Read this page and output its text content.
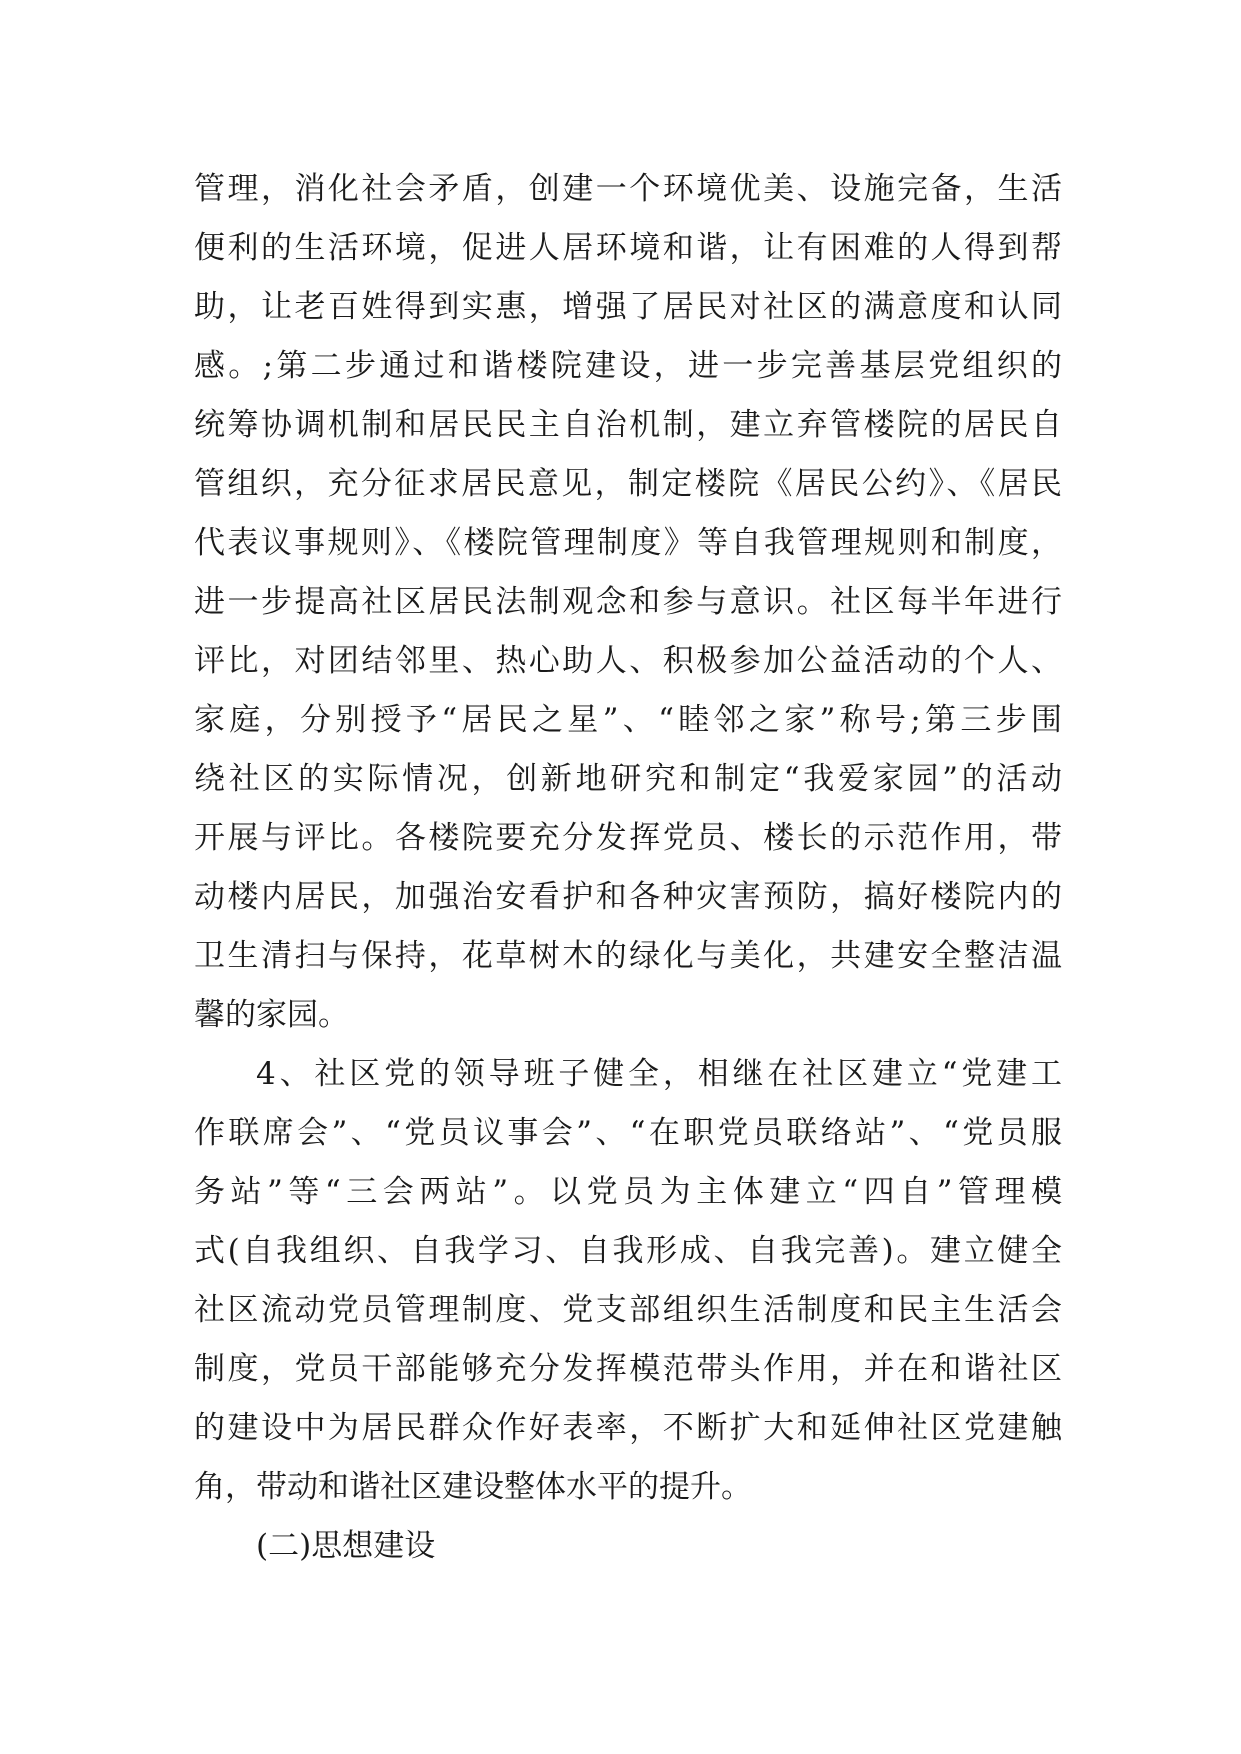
管理，消化社会矛盾，创建一个环境优美、设施完备，生活
便利的生活环境，促进人居环境和谐，让有困难的人得到帮
助，让老百姓得到实惠，增强了居民对社区的满意度和认同
感。;第二步通过和谐楼院建设，进一步完善基层党组织的
统筹协调机制和居民民主自治机制，建立弃管楼院的居民自
管组织，充分征求居民意见，制定楼院《居民公约》、《居民
代表议事规则》、《楼院管理制度》等自我管理规则和制度，
进一步提高社区居民法制观念和参与意识。社区每半年进行
评比，对团结邻里、热心助人、积极参加公益活动的个人、
家庭，分别授予“居民之星”、“睦邻之家”称号;第三步围
绕社区的实际情况，创新地研究和制定“我爱家园”的活动
开展与评比。各楼院要充分发挥党员、楼长的示范作用，带
动楼内居民，加强治安看护和各种灾害预防，搞好楼院内的
卫生清扫与保持，花草树木的绿化与美化，共建安全整洁温
馨的家园。
4、社区党的领导班子健全，相继在社区建立“党建工
作联席会”、“党员议事会”、“在职党员联络站”、“党员服
务站”等“三会两站”。以党员为主体建立“四自”管理模
式(自我组织、自我学习、自我形成、自我完善)。建立健全
社区流动党员管理制度、党支部组织生活制度和民主生活会
制度，党员干部能够充分发挥模范带头作用，并在和谐社区
的建设中为居民群众作好表率，不断扩大和延伸社区党建触
角，带动和谐社区建设整体水平的提升。
(二)思想建设
